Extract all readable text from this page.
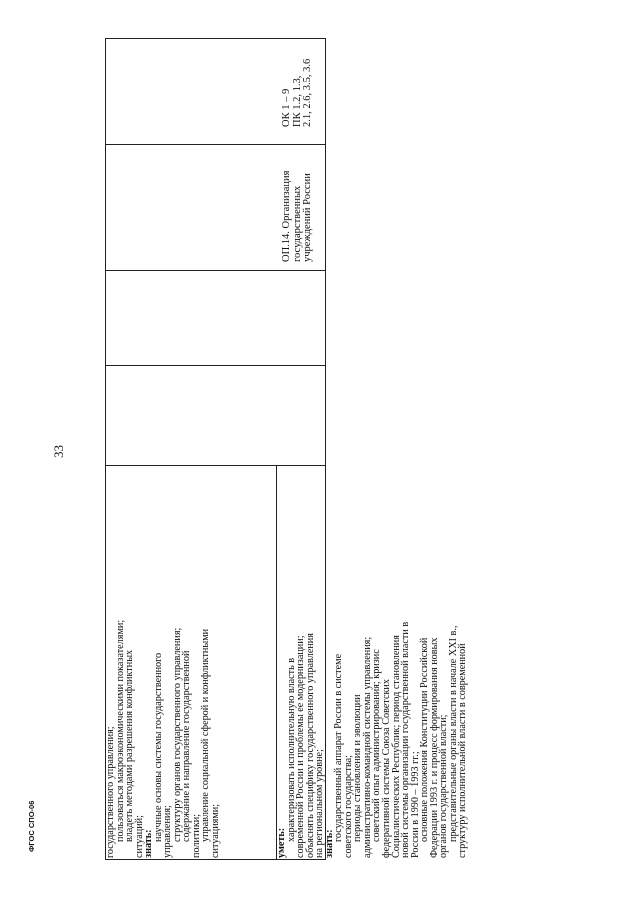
33
ФГОС СПО-06
ОК 1 – 9 ПК 1.2, 1.3, 2.1, 2.6, 3.5, 3.6
ОП.14. Организация государственных учреждений России
государственного управления;
пользоваться макроэкономическими показателями;
владеть методами разрешения конфликтных
ситуаций;
знать:
научные основы системы государственного
управления;
структуру органов государственного управления;
содержание и направление государственной
политики;
управление социальной сферой и конфликтными
ситуациями;	уметь:
характеризовать исполнительную власть в
современной России и проблемы ее модернизации;
объяснять специфику государственного управления
на региональном уровне;
знать:
государственный аппарат России в системе
советского государства;
периоды становления и эволюции
административно-командной системы управления;
советский опыт администрирования; кризис
федеративной системы Союза Советских
Социалистических Республик; период становления
новой системы организации государственной власти в
России в 1990 – 1993 гг.;
основные положения Конституции Российской
Федерации 1993 г. и процесс формирования новых
органов государственной власти;
представительные органы власти в начале XXI в.,
структуру исполнительной власти в современной
